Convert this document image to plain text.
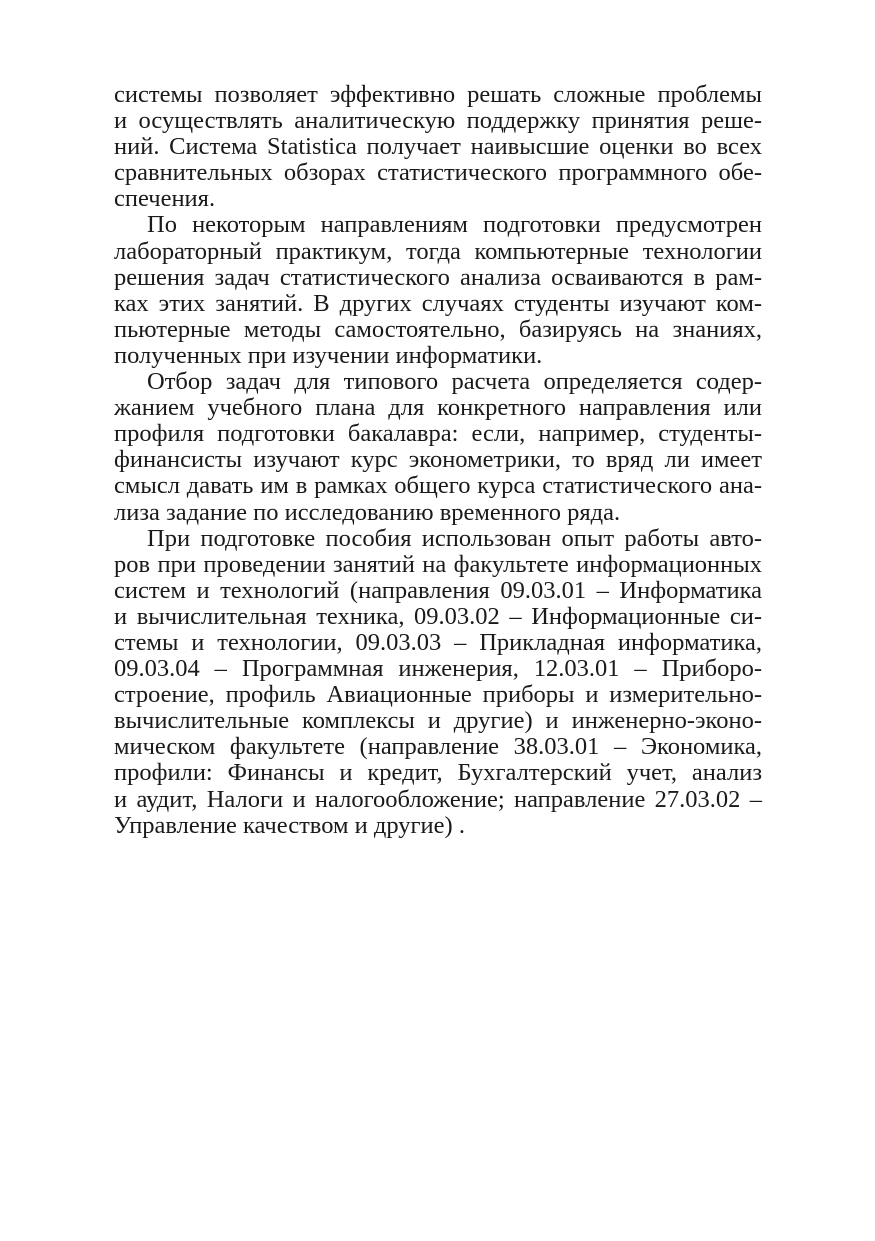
системы позволяет эффективно решать сложные проблемы
и осуществлять аналитическую поддержку принятия реше-
ний. Система Statistica получает наивысшие оценки во всех
сравнительных обзорах статистического программного обе-
спечения.
По некоторым направлениям подготовки предусмотрен
лабораторный практикум, тогда компьютерные технологии
решения задач статистического анализа осваиваются в рам-
ках этих занятий. В других случаях студенты изучают ком-
пьютерные методы самостоятельно, базируясь на знаниях,
полученных при изучении информатики.
Отбор задач для типового расчета определяется содер-
жанием учебного плана для конкретного направления или
профиля подготовки бакалавра: если, например, студенты-
финансисты изучают курс эконометрики, то вряд ли имеет
смысл давать им в рамках общего курса статистического ана-
лиза задание по исследованию временного ряда.
При подготовке пособия использован опыт работы авто-
ров при проведении занятий на факультете информационных
систем и технологий (направления 09.03.01 – Информатика
и вычислительная техника, 09.03.02 – Информационные си-
стемы и технологии, 09.03.03 – Прикладная информатика,
09.03.04 – Программная инженерия, 12.03.01 – Приборо-
строение, профиль Авиационные приборы и измерительно-
вычислительные комплексы и другие) и инженерно-эконо-
мическом факультете (направление 38.03.01 – Экономика,
профили: Финансы и кредит, Бухгалтерский учет, анализ
и аудит, Налоги и налогообложение; направление 27.03.02 –
Управление качеством и другие) .
